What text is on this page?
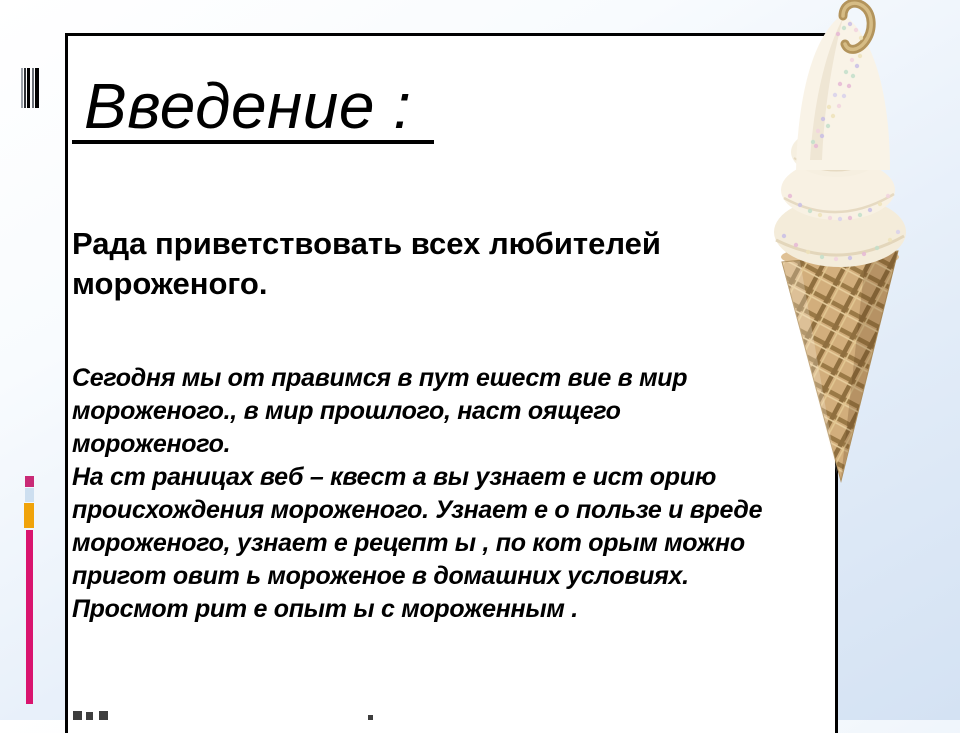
Введение :
Рада приветствовать всех любителей
мороженого.
Сегодня мы от правимся в пут ешест вие в мир
мороженого., в мир прошлого, наст оящего
мороженого.
На ст раницах веб – квест а вы узнает е ист орию
происхождения мороженого. Узнает е о пользе и вреде
мороженого, узнает е рецепт ы , по кот орым можно
пригот овит ь мороженое в домашних условиях.
Просмот рит е опыт ы с мороженным .
